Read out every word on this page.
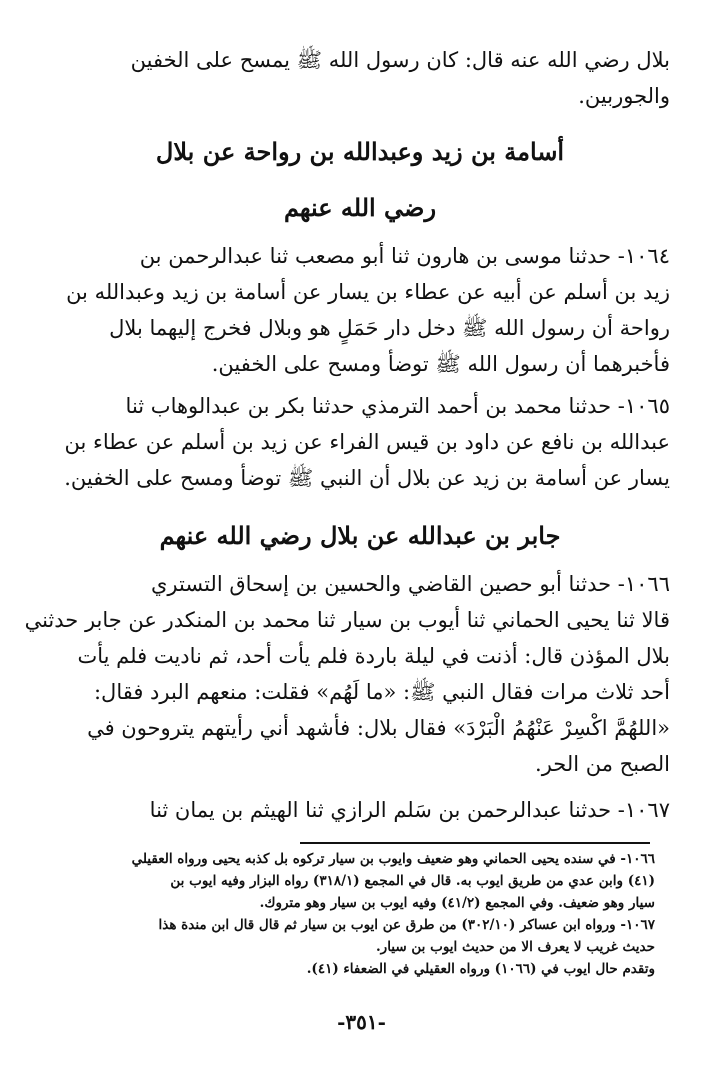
بلال رضي الله عنه قال: كان رسول الله ﷺ يمسح على الخفين
والجوربين.
أسامة بن زيد وعبدالله بن رواحة عن بلال
رضي الله عنهم
١٠٦٤- حدثنا موسى بن هارون ثنا أبو مصعب ثنا عبدالرحمن بن
زيد بن أسلم عن أبيه عن عطاء بن يسار عن أسامة بن زيد وعبدالله بن
رواحة أن رسول الله ﷺ دخل دار حَمَلٍ هو وبلال فخرج إليهما بلال
فأخبرهما أن رسول الله ﷺ توضأ ومسح على الخفين.
١٠٦٥- حدثنا محمد بن أحمد الترمذي حدثنا بكر بن عبدالوهاب ثنا
عبدالله بن نافع عن داود بن قيس الفراء عن زيد بن أسلم عن عطاء بن
يسار عن أسامة بن زيد عن بلال أن النبي ﷺ توضأ ومسح على الخفين.
جابر بن عبدالله عن بلال رضي الله عنهم
١٠٦٦- حدثنا أبو حصين القاضي والحسين بن إسحاق التستري
قالا ثنا يحيى الحماني ثنا أيوب بن سيار ثنا محمد بن المنكدر عن جابر حدثني
بلال المؤذن قال: أذنت في ليلة باردة فلم يأت أحد، ثم ناديت فلم يأت
أحد ثلاث مرات فقال النبي ﷺ: «ما لَهُم» فقلت: منعهم البرد فقال:
«اللهُمَّ اكْسِرْ عَنْهُمُ الْبَرْدَ» فقال بلال: فأشهد أني رأيتهم يتروحون في
الصبح من الحر.
١٠٦٧- حدثنا عبدالرحمن بن سَلم الرازي ثنا الهيثم بن يمان ثنا
١٠٦٦- في سنده يحيى الحماني وهو ضعيف وايوب بن سيار تركوه بل كذبه يحيى ورواه العقيلي
(٤١) وابن عدي من طريق ايوب به. قال في المجمع (٣١٨/١) رواه البزار وفيه ايوب بن
سيار وهو ضعيف. وفي المجمع (٤١/٢) وفيه ايوب بن سيار وهو متروك.
١٠٦٧- ورواه ابن عساكر (٣٠٢/١٠) من طرق عن ايوب بن سيار ثم قال قال ابن مندة هذا
حديث غريب لا يعرف الا من حديث ايوب بن سيار.
وتقدم حال ايوب في (١٠٦٦) ورواه العقيلي في الضعفاء (٤١).
-٣٥١-
